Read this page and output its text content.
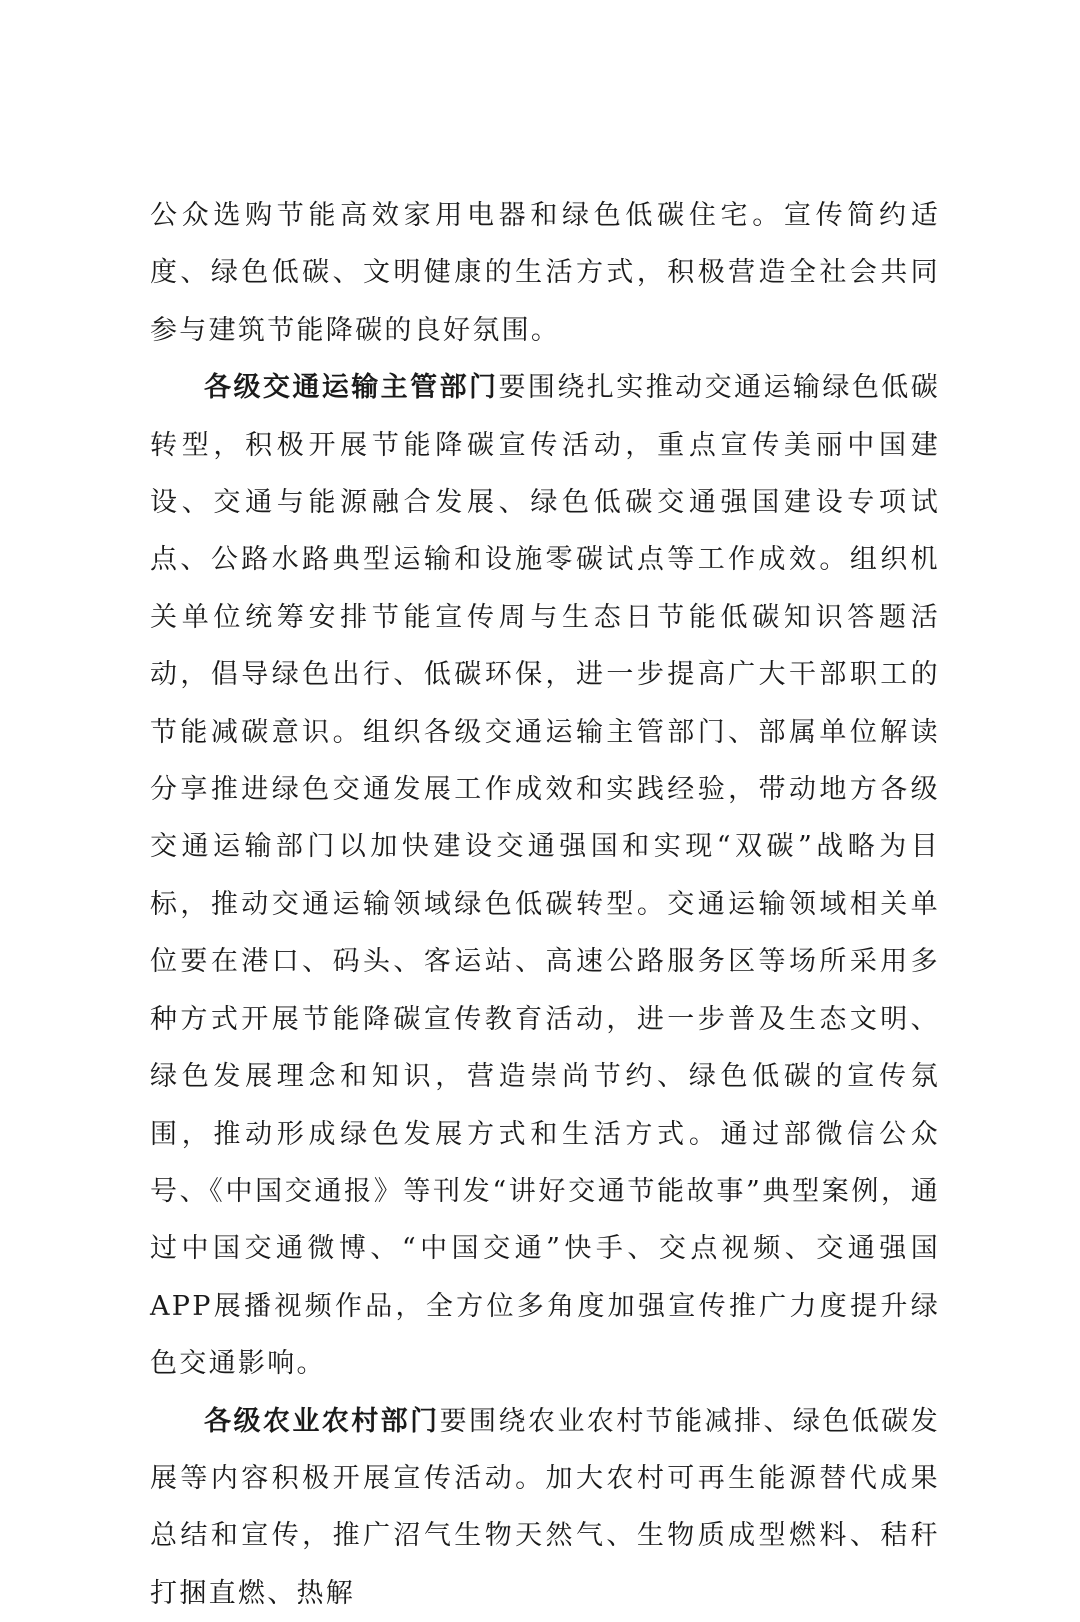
公众选购节能高效家用电器和绿色低碳住宅。宣传简约适度、绿色低碳、文明健康的生活方式，积极营造全社会共同参与建筑节能降碳的良好氛围。

各级交通运输主管部门要围绕扎实推动交通运输绿色低碳转型，积极开展节能降碳宣传活动，重点宣传美丽中国建设、交通与能源融合发展、绿色低碳交通强国建设专项试点、公路水路典型运输和设施零碳试点等工作成效。组织机关单位统筹安排节能宣传周与生态日节能低碳知识答题活动，倡导绿色出行、低碳环保，进一步提高广大干部职工的节能减碳意识。组织各级交通运输主管部门、部属单位解读分享推进绿色交通发展工作成效和实践经验，带动地方各级交通运输部门以加快建设交通强国和实现“双碳”战略为目标，推动交通运输领域绿色低碳转型。交通运输领域相关单位要在港口、码头、客运站、高速公路服务区等场所采用多种方式开展节能降碳宣传教育活动，进一步普及生态文明、绿色发展理念和知识，营造崇尚节约、绿色低碳的宣传氛围，推动形成绿色发展方式和生活方式。通过部微信公众号、《中国交通报》等刊发“讲好交通节能故事”典型案例，通过中国交通微博、“中国交通”快手、交点视频、交通强国APP展播视频作品，全方位多角度加强宣传推广力度提升绿色交通影响。

各级农业农村部门要围绕农业农村节能减排、绿色低碳发展等内容积极开展宣传活动。加大农村可再生能源替代成果总结和宣传，推广沼气生物天然气、生物质成型燃料、秸秆打捆直燃、热解
